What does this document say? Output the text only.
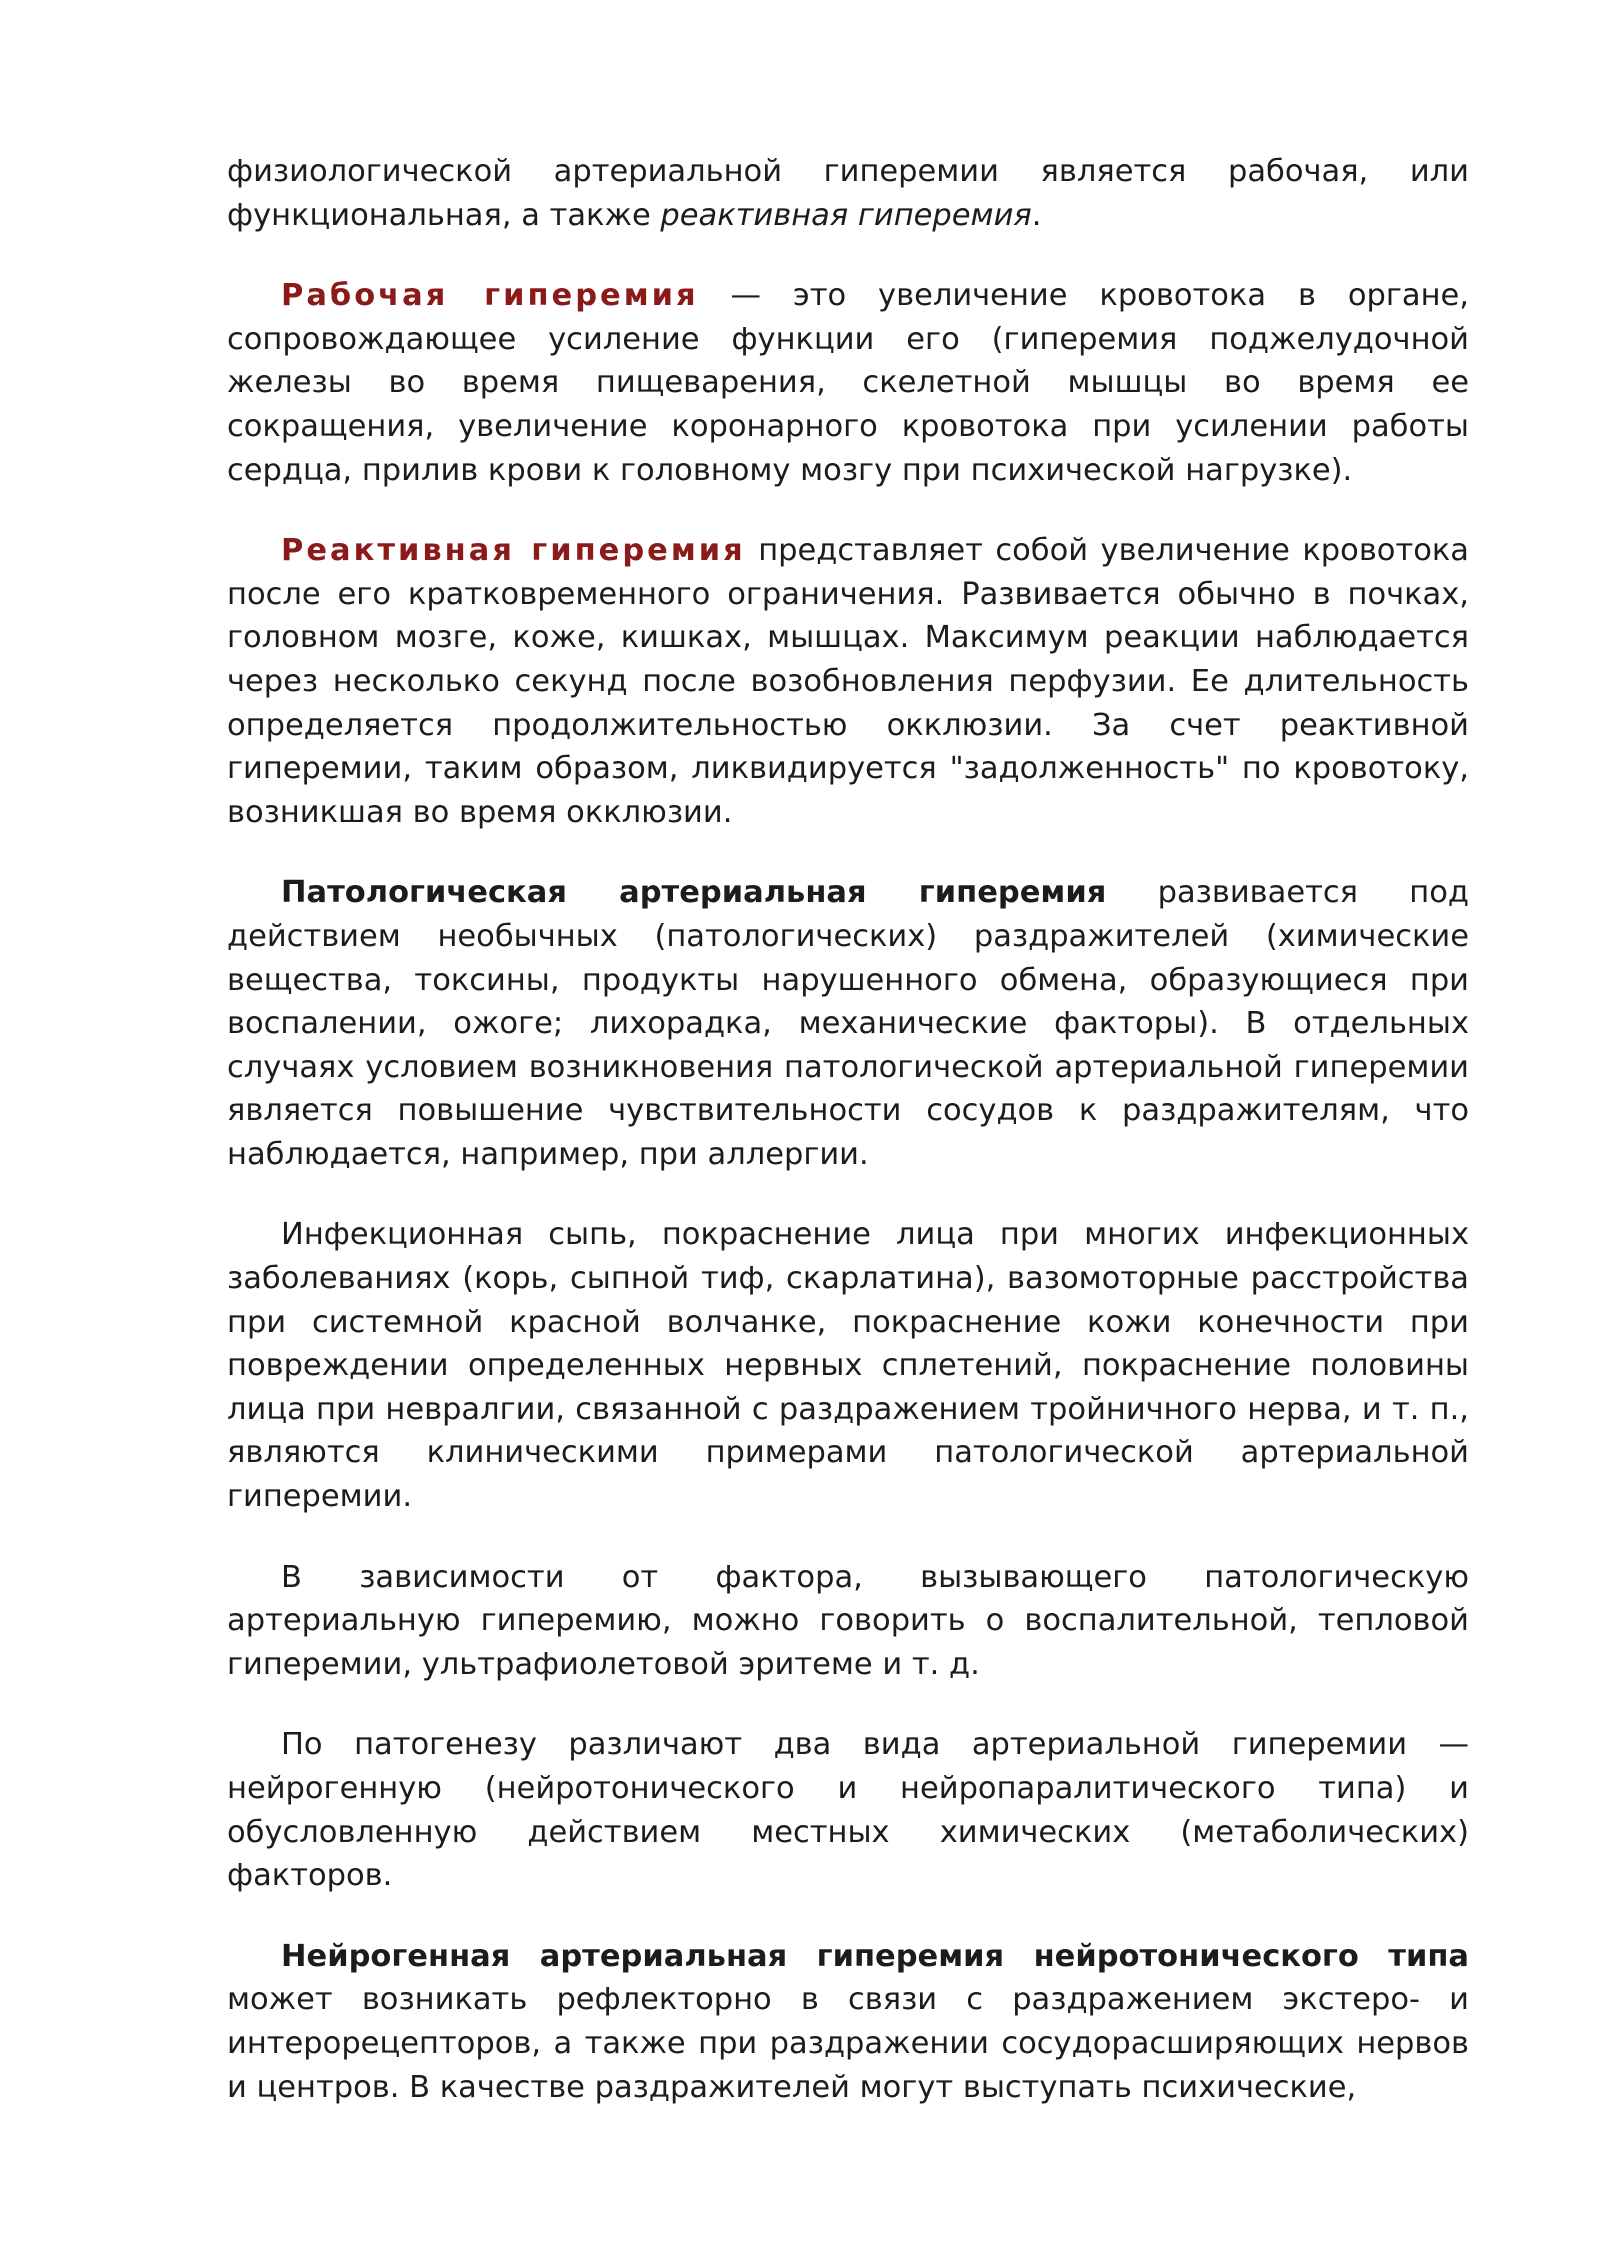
физиологической артериальной гиперемии является рабочая, или функциональная, а также реактивная гиперемия.

Рабочая гиперемия — это увеличение кровотока в органе, сопровождающее усиление функции его (гиперемия поджелудочной железы во время пищеварения, скелетной мышцы во время ее сокращения, увеличение коронарного кровотока при усилении работы сердца, прилив крови к головному мозгу при психической нагрузке).

Реактивная гиперемия представляет собой увеличение кровотока после его кратковременного ограничения. Развивается обычно в почках, головном мозге, коже, кишках, мышцах. Максимум реакции наблюдается через несколько секунд после возобновления перфузии. Ее длительность определяется продолжительностью окклюзии. За счет реактивной гиперемии, таким образом, ликвидируется "задолженность" по кровотоку, возникшая во время окклюзии.

Патологическая артериальная гиперемия развивается под действием необычных (патологических) раздражителей (химические вещества, токсины, продукты нарушенного обмена, образующиеся при воспалении, ожоге; лихорадка, механические факторы). В отдельных случаях условием возникновения патологической артериальной гиперемии является повышение чувствительности сосудов к раздражителям, что наблюдается, например, при аллергии.

Инфекционная сыпь, покраснение лица при многих инфекционных заболеваниях (корь, сыпной тиф, скарлатина), вазомоторные расстройства при системной красной волчанке, покраснение кожи конечности при повреждении определенных нервных сплетений, покраснение половины лица при невралгии, связанной с раздражением тройничного нерва, и т. п., являются клиническими примерами патологической артериальной гиперемии.

В зависимости от фактора, вызывающего патологическую артериальную гиперемию, можно говорить о воспалительной, тепловой гиперемии, ультрафиолетовой эритеме и т. д.

По патогенезу различают два вида артериальной гиперемии — нейрогенную (нейротонического и нейропаралитического типа) и обусловленную действием местных химических (метаболических) факторов.

Нейрогенная артериальная гиперемия нейротонического типа может возникать рефлекторно в связи с раздражением экстеро- и интерорецепторов, а также при раздражении сосудорасширяющих нервов и центров. В качестве раздражителей могут выступать психические,
